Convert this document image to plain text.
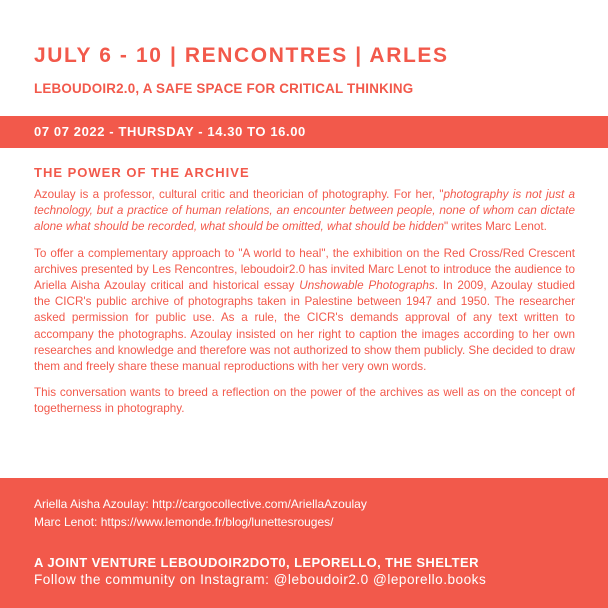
JULY 6 - 10 | RENCONTRES | ARLES
LEBOUDOIR2.0, A SAFE SPACE FOR CRITICAL THINKING
07 07 2022 - THURSDAY - 14.30 TO 16.00
THE POWER OF THE ARCHIVE

Azoulay is a professor, cultural critic and theorician of photography. For her, "photography is not just a technology, but a practice of human relations, an encounter between people, none of whom can dictate alone what should be recorded, what should be omitted, what should be hidden" writes Marc Lenot.

To offer a complementary approach to "A world to heal", the exhibition on the Red Cross/Red Crescent archives presented by Les Rencontres, leboudoir2.0 has invited Marc Lenot to introduce the audience to Ariella Aisha Azoulay critical and historical essay Unshowable Photographs. In 2009, Azoulay studied the CICR's public archive of photographs taken in Palestine between 1947 and 1950. The researcher asked permission for public use. As a rule, the CICR's demands approval of any text written to accompany the photographs. Azoulay insisted on her right to caption the images according to her own researches and knowledge and therefore was not authorized to show them publicly. She decided to draw them and freely share these manual reproductions with her very own words.

This conversation wants to breed a reflection on the power of the archives as well as on the concept of togetherness in photography.

Ariella Aisha Azoulay: http://cargocollective.com/AriellaAzoulay
Marc Lenot: https://www.lemonde.fr/blog/lunettesrouges/
A JOINT VENTURE LEBOUDOIR2DOT0, LEPORELLO, THE SHELTER
Follow the community on Instagram: @leboudoir2.0 @leporello.books
